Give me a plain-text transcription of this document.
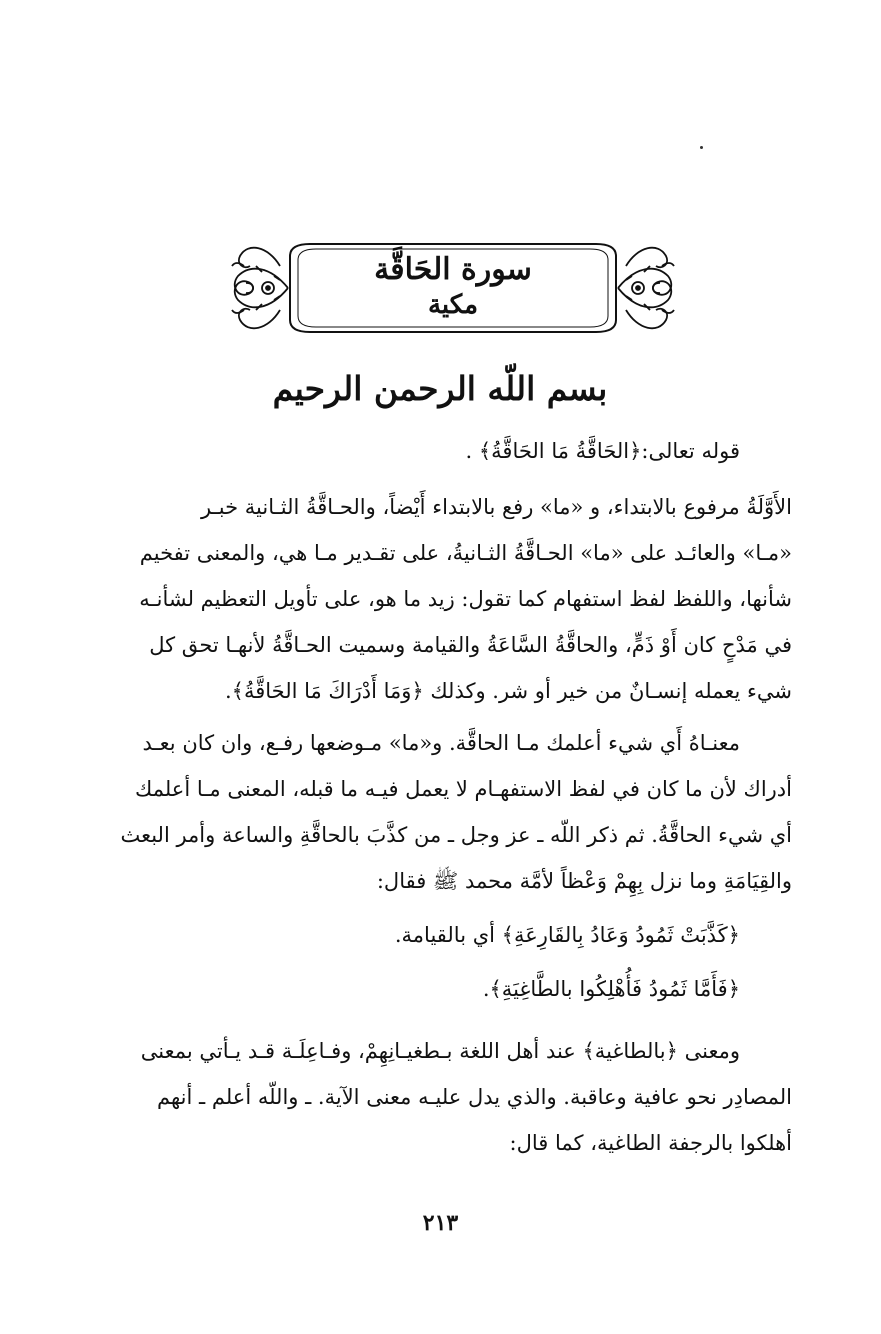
سورة الحَاقَّة
مكية
بسم اللّه الرحمن الرحيم
قوله تعالى:﴿الحَاقَّةُ مَا الحَاقَّةُ﴾ .
الأَوَّلَةُ مرفوع بالابتداء، و «ما» رفع بالابتداء أَيْضاً، والحـاقَّةُ الثـانية خبـر
«مـا» والعائـد على «ما» الحـاقَّةُ الثـانيةُ، على تقـدير مـا هي، والمعنى تفخيم
شأنها، واللفظ لفظ استفهام كما تقول: زيد ما هو، على تأويل التعظيم لشأنـه
في مَدْحٍ كان أَوْ ذَمٍّ، والحاقَّةُ السَّاعَةُ والقيامة وسميت الحـاقَّةُ لأنهـا تحق كل
شيء يعمله إنسـانٌ من خير أو شر. وكذلك ﴿وَمَا أَدْرَاكَ مَا الحَاقَّةُ﴾.
معنـاهُ أَي شيء أعلمك مـا الحاقَّة. و«ما» مـوضعها رفـع، وان كان بعـد
أدراك لأن ما كان في لفظ الاستفهـام لا يعمل فيـه ما قبله، المعنى مـا أعلمك
أي شيء الحاقَّةُ. ثم ذكر اللّه ـ عز وجل ـ من كذَّبَ بالحاقَّةِ والساعة وأمر البعث
والقِيَامَةِ وما نزل بِهِمْ وَعْظاً لأمَّة محمد ﷺ فقال:
﴿كَذَّبَتْ ثَمُودُ وَعَادُ بِالقَارِعَةِ﴾ أي بالقيامة.
﴿فَأَمَّا ثَمُودُ فَأُهْلِكُوا بالطَّاغِيَةِ﴾.
ومعنى ﴿بالطاغية﴾ عند أهل اللغة بـطغيـانِهِمْ، وفـاعِلَـة قـد يـأتي بمعنى
المصادِر نحو عافية وعاقبة. والذي يدل عليـه معنى الآية. ـ واللّه أعلم ـ أنهم
أهلكوا بالرجفة الطاغية، كما قال:
٢١٣
